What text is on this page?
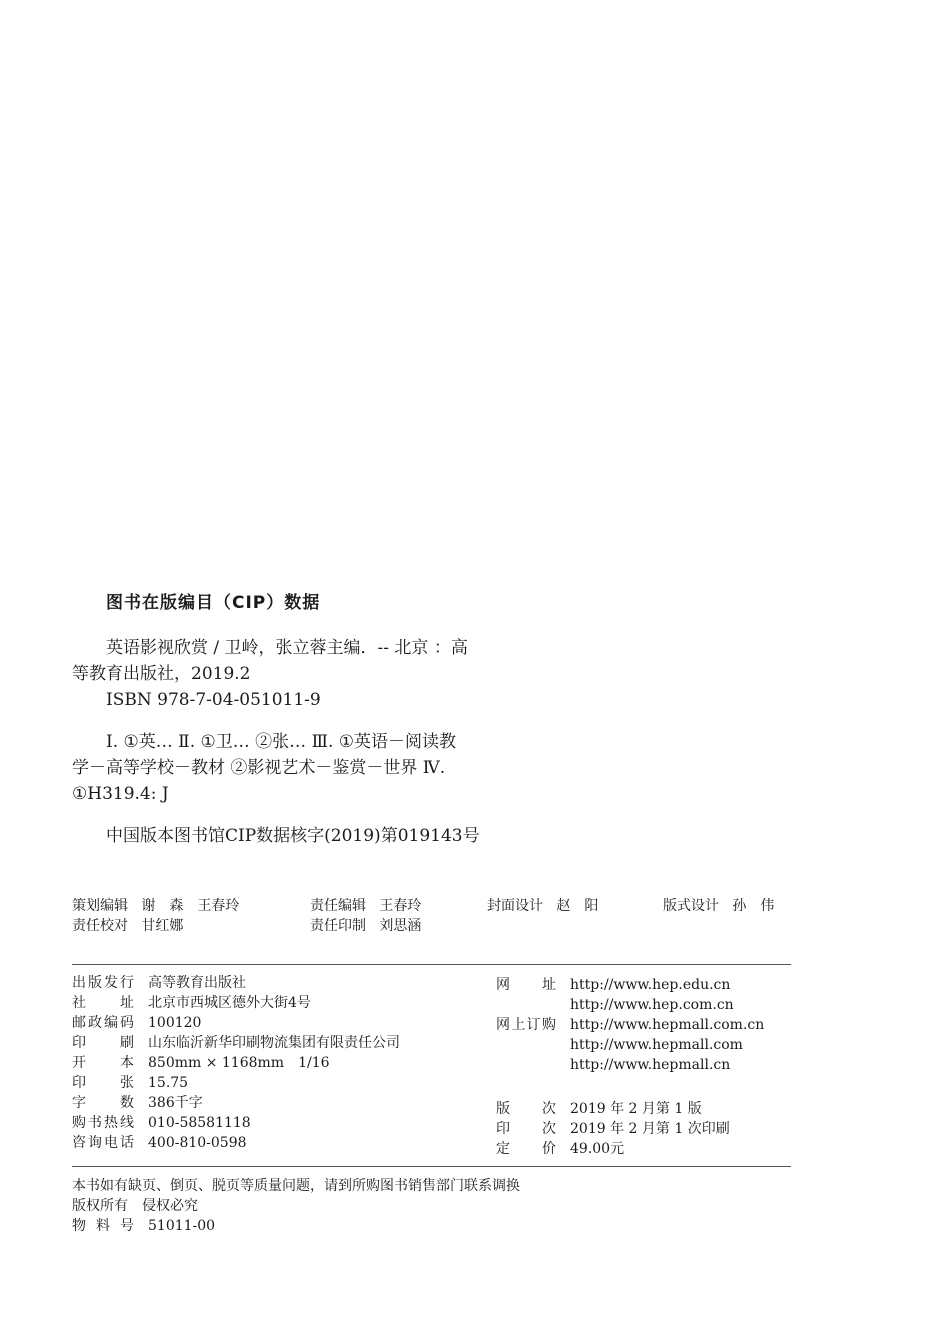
图书在版编目（CIP）数据
英语影视欣赏 / 卫岭，张立蓉主编．-- 北京 ：高
等教育出版社，2019.2
ISBN 978-7-04-051011-9
Ⅰ. ①英… Ⅱ. ①卫… ②张… Ⅲ. ①英语－阅读教
学－高等学校－教材 ②影视艺术－鉴赏－世界 Ⅳ.
①H319.4: J
中国版本图书馆CIP数据核字(2019)第019143号
策划编辑 谢　森　王春玲	责任编辑 王春玲	封面设计 赵　阳	版式设计 孙　伟
责任校对 甘红娜	责任印制 刘思涵
出版发行 高等教育出版社
社址 北京市西城区德外大街4号
邮政编码 100120
印刷 山东临沂新华印刷物流集团有限责任公司
开本 850mm × 1168mm　1/16
印张 15.75
字数 386千字
购书热线 010-58581118
咨询电话 400-810-0598
网址 http://www.hep.edu.cn
http://www.hep.com.cn
网上订购 http://www.hepmall.com.cn
http://www.hepmall.com
http://www.hepmall.cn
版次 2019 年 2 月第 1 版
印次 2019 年 2 月第 1 次印刷
定价 49.00元
本书如有缺页、倒页、脱页等质量问题，请到所购图书销售部门联系调换
版权所有　侵权必究
物 料 号 51011-00
